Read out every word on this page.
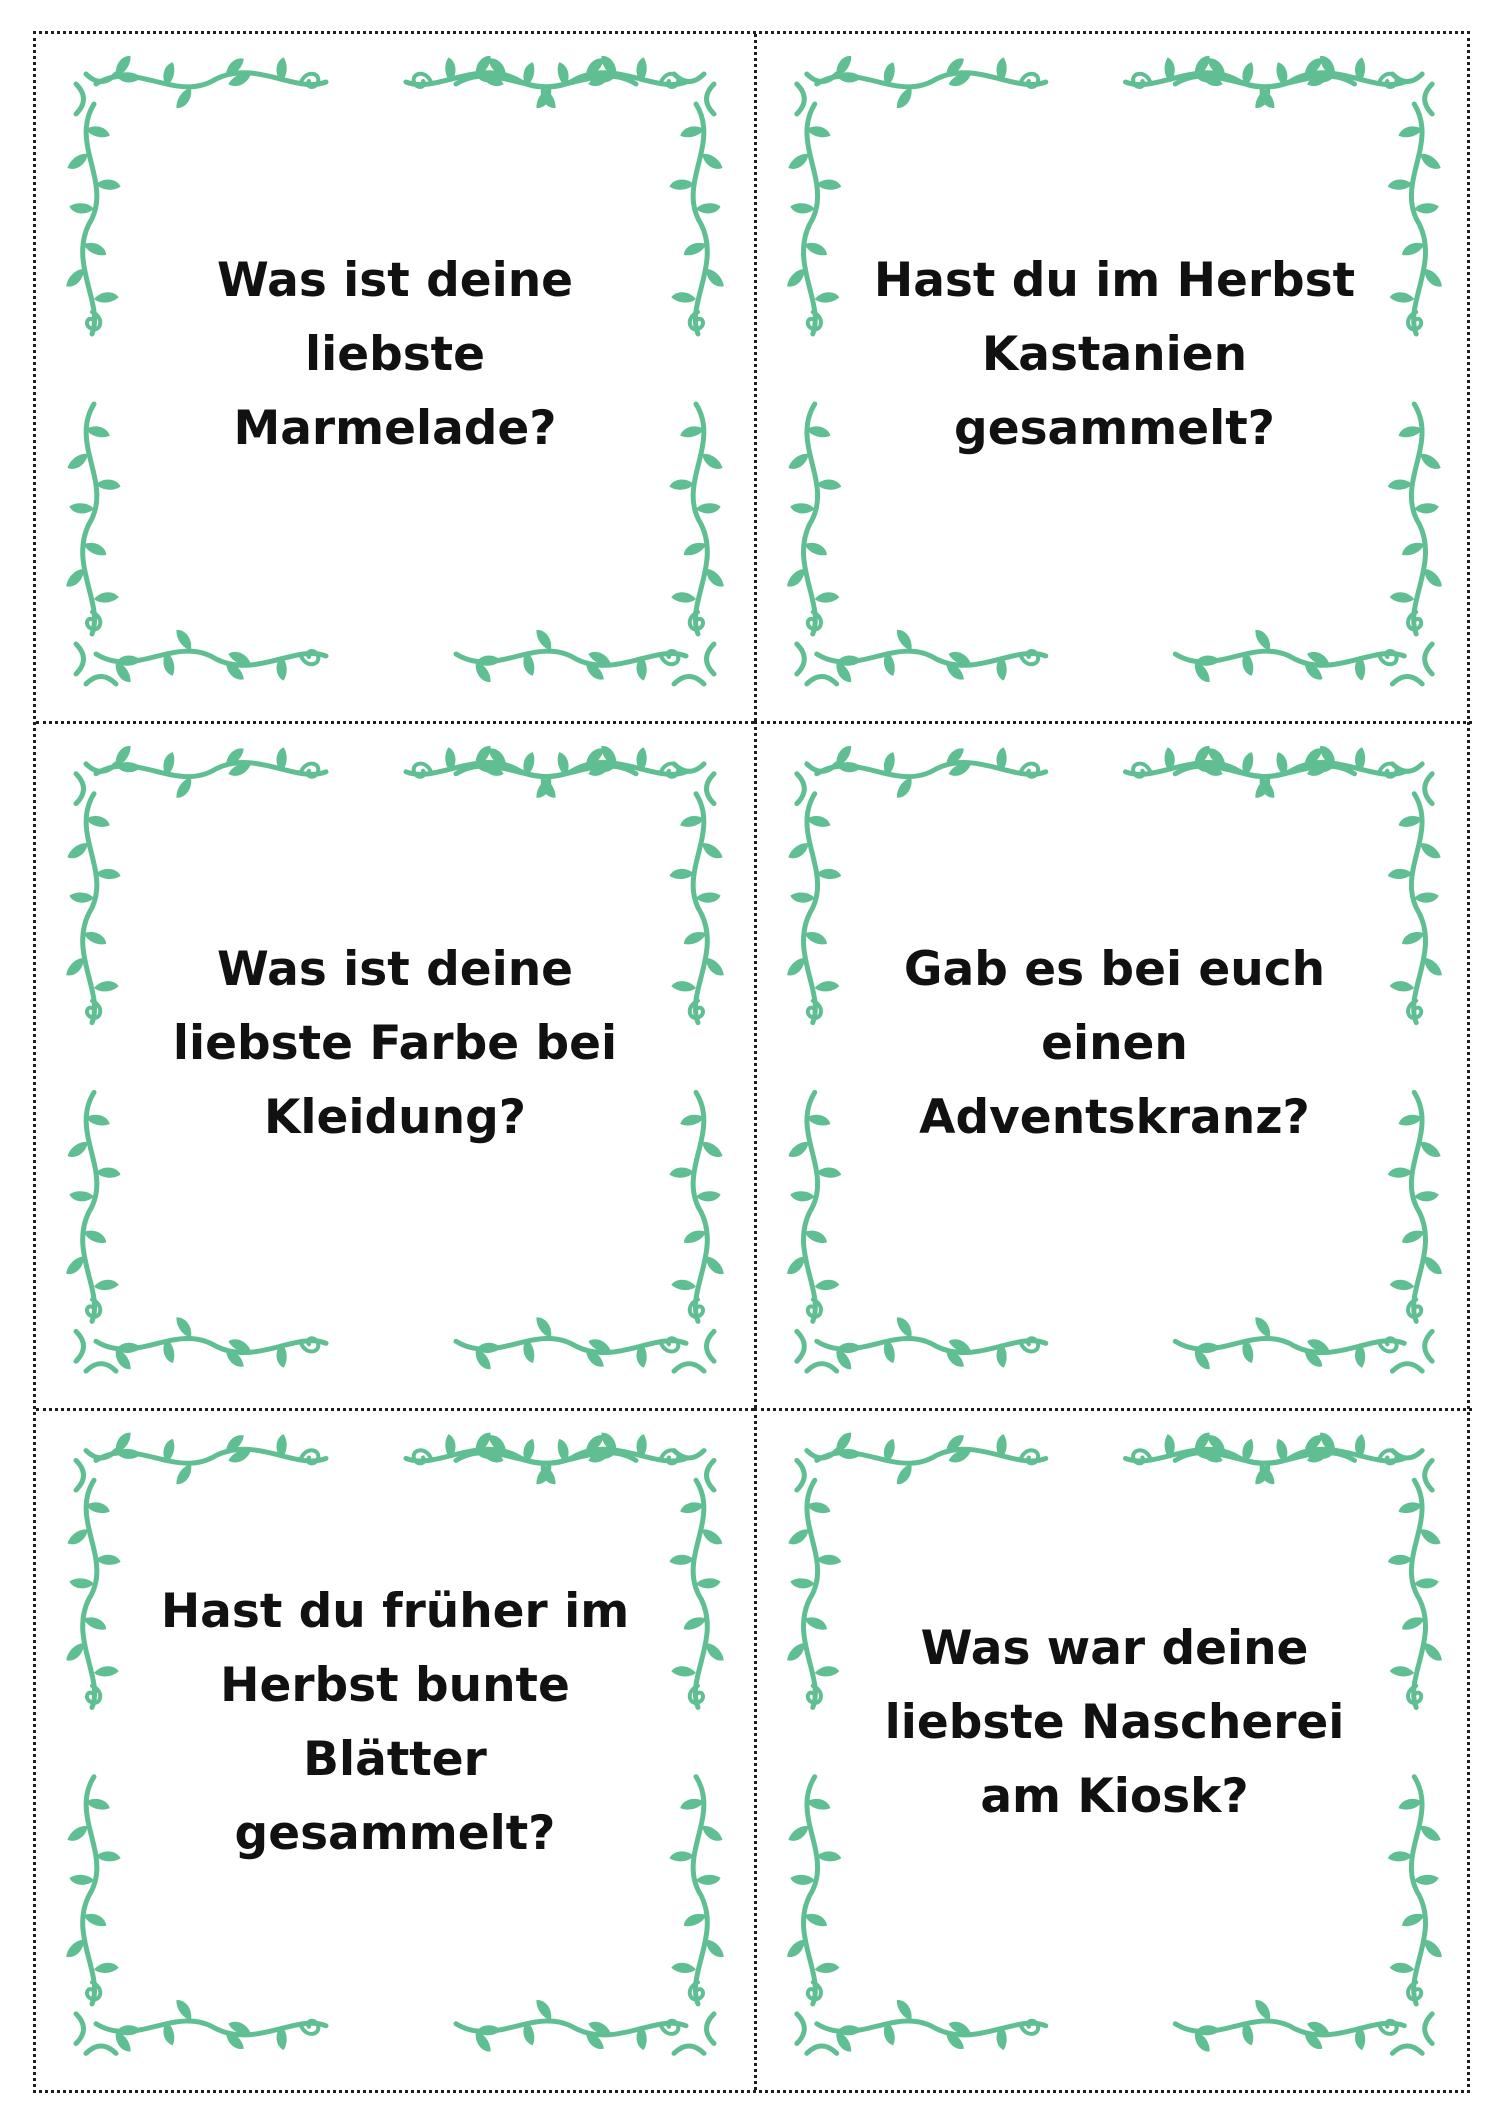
Was ist deine liebste Marmelade?
Hast du im Herbst Kastanien gesammelt?
Was ist deine liebste Farbe bei Kleidung?
Gab es bei euch einen Adventskranz?
Hast du früher im Herbst bunte Blätter gesammelt?
Was war deine liebste Nascherei am Kiosk?
